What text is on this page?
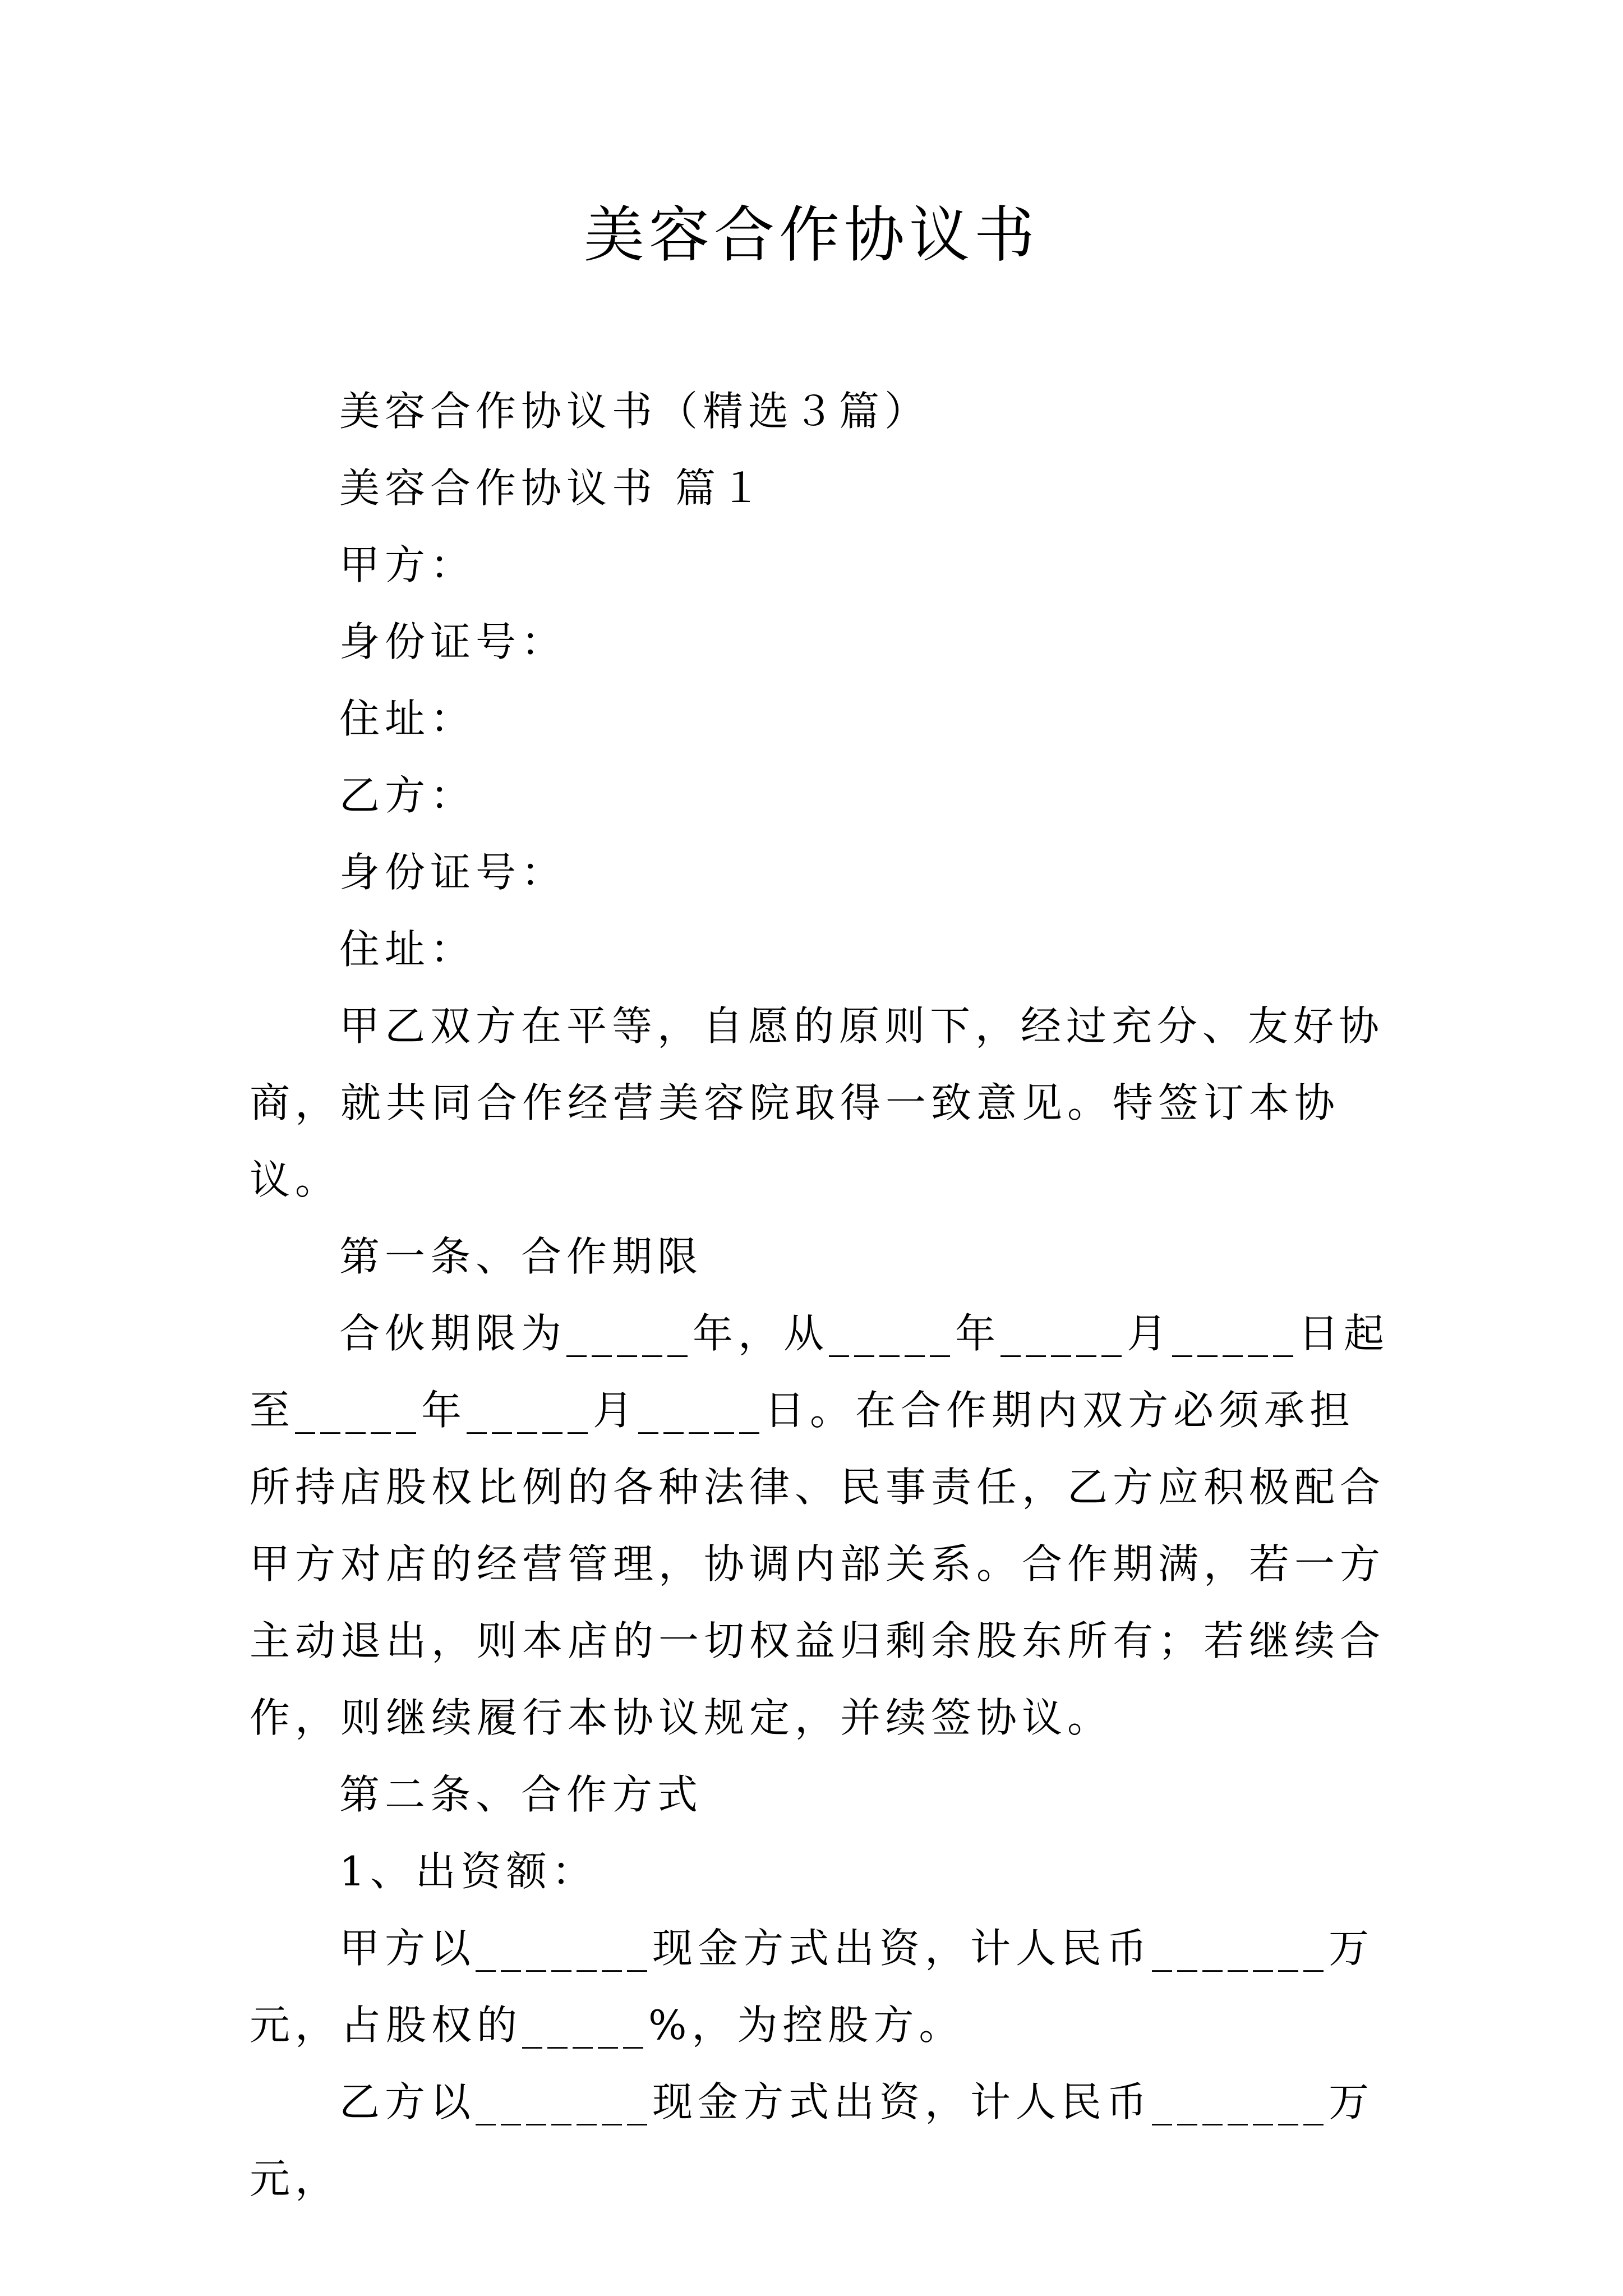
美容合作协议书

美容合作协议书（精选３篇）

美容合作协议书 篇１

甲方：

身份证号：

住址：

乙方：

身份证号：

住址：

甲乙双方在平等，自愿的原则下，经过充分、友好协商，就共同合作经营美容院取得一致意见。特签订本协议。

第一条、合作期限

合伙期限为_____年，从_____年_____月_____日起至_____年_____月_____日。在合作期内双方必须承担所持店股权比例的各种法律、民事责任，乙方应积极配合甲方对店的经营管理，协调内部关系。合作期满，若一方主动退出，则本店的一切权益归剩余股东所有；若继续合作，则继续履行本协议规定，并续签协议。

第二条、合作方式

1、出资额：

甲方以_______现金方式出资，计人民币_______万元，占股权的_____%，为控股方。

乙方以_______现金方式出资，计人民币_______万元，
